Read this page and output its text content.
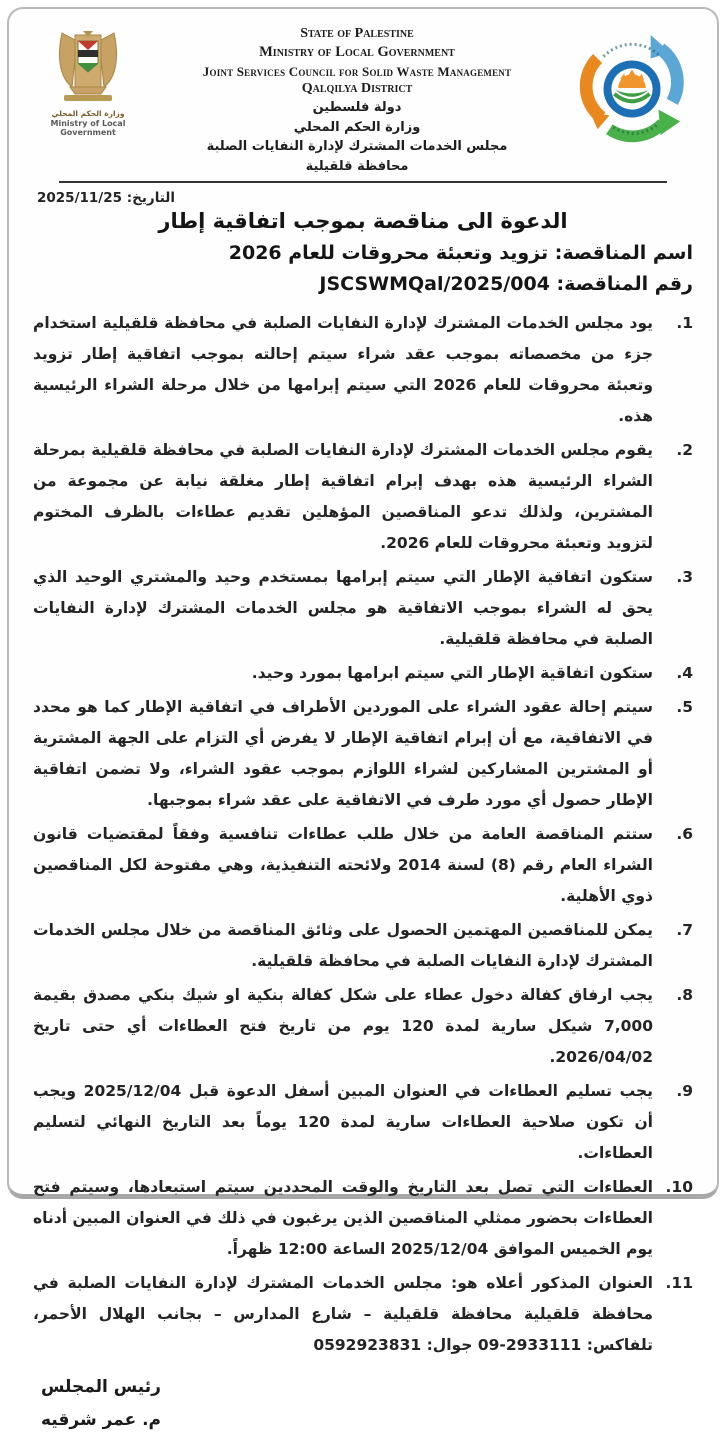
وزارة الحكم المحلي
Ministry of Local Government
State of Palestine
Ministry of Local Government
Joint Services Council for Solid Waste Management
Qalqilya District
دولة فلسطين
وزارة الحكم المحلي
مجلس الخدمات المشترك لإدارة النفايات الصلبة
محافظة قلقيلية
التاريخ: 2025/11/25
الدعوة الى مناقصة بموجب اتفاقية إطار
اسم المناقصة: تزويد وتعبئة محروقات للعام 2026
رقم المناقصة: JSCSWMQal/2025/004
1.
يود مجلس الخدمات المشترك لإدارة النفايات الصلبة في محافظة قلقيلية استخدام جزء من مخصصاته بموجب عقد شراء سيتم إحالته بموجب اتفاقية إطار تزويد وتعبئة محروقات للعام 2026 التي سيتم إبرامها من خلال مرحلة الشراء الرئيسية هذه.
2.
يقوم مجلس الخدمات المشترك لإدارة النفايات الصلبة في محافظة قلقيلية بمرحلة الشراء الرئيسية هذه بهدف إبرام اتفاقية إطار مغلقة نيابة عن مجموعة من المشترين، ولذلك تدعو المناقصين المؤهلين تقديم عطاءات بالظرف المختوم لتزويد وتعبئة محروقات للعام 2026.
3.
ستكون اتفاقية الإطار التي سيتم إبرامها بمستخدم وحيد والمشتري الوحيد الذي يحق له الشراء بموجب الاتفاقية هو مجلس الخدمات المشترك لإدارة النفايات الصلبة في محافظة قلقيلية.
4.
ستكون اتفاقية الإطار التي سيتم ابرامها بمورد وحيد.
5.
سيتم إحالة عقود الشراء على الموردين الأطراف في اتفاقية الإطار كما هو محدد في الاتفاقية، مع أن إبرام اتفاقية الإطار لا يفرض أي التزام على الجهة المشترية أو المشترين المشاركين لشراء اللوازم بموجب عقود الشراء، ولا تضمن اتفاقية الإطار حصول أي مورد طرف في الاتفاقية على عقد شراء بموجبها.
6.
ستتم المناقصة العامة من خلال طلب عطاءات تنافسية وفقاً لمقتضيات قانون الشراء العام رقم (8) لسنة 2014 ولائحته التنفيذية، وهي مفتوحة لكل المناقصين ذوي الأهلية.
7.
يمكن للمناقصين المهتمين الحصول على وثائق المناقصة من خلال مجلس الخدمات المشترك لإدارة النفايات الصلبة في محافظة قلقيلية.
8.
يجب ارفاق كفالة دخول عطاء على شكل كفالة بنكية او شيك بنكي مصدق بقيمة 7,000 شيكل سارية لمدة 120 يوم من تاريخ فتح العطاءات أي حتى تاريخ 2026/04/02.
9.
يجب تسليم العطاءات في العنوان المبين أسفل الدعوة قبل 2025/12/04 ويجب أن تكون صلاحية العطاءات سارية لمدة 120 يوماً بعد التاريخ النهائي لتسليم العطاءات.
10.
العطاءات التي تصل بعد التاريخ والوقت المحددين سيتم استبعادها، وسيتم فتح العطاءات بحضور ممثلي المناقصين الذين يرغبون في ذلك في العنوان المبين أدناه يوم الخميس الموافق 2025/12/04 الساعة 12:00 ظهراً.
11.
العنوان المذكور أعلاه هو: مجلس الخدمات المشترك لإدارة النفايات الصلبة في محافظة قلقيلية محافظة قلقيلية – شارع المدارس – بجانب الهلال الأحمر، تلفاكس: 2933111-09 جوال: 0592923831
رئيس المجلس
م. عمر شرقيه
